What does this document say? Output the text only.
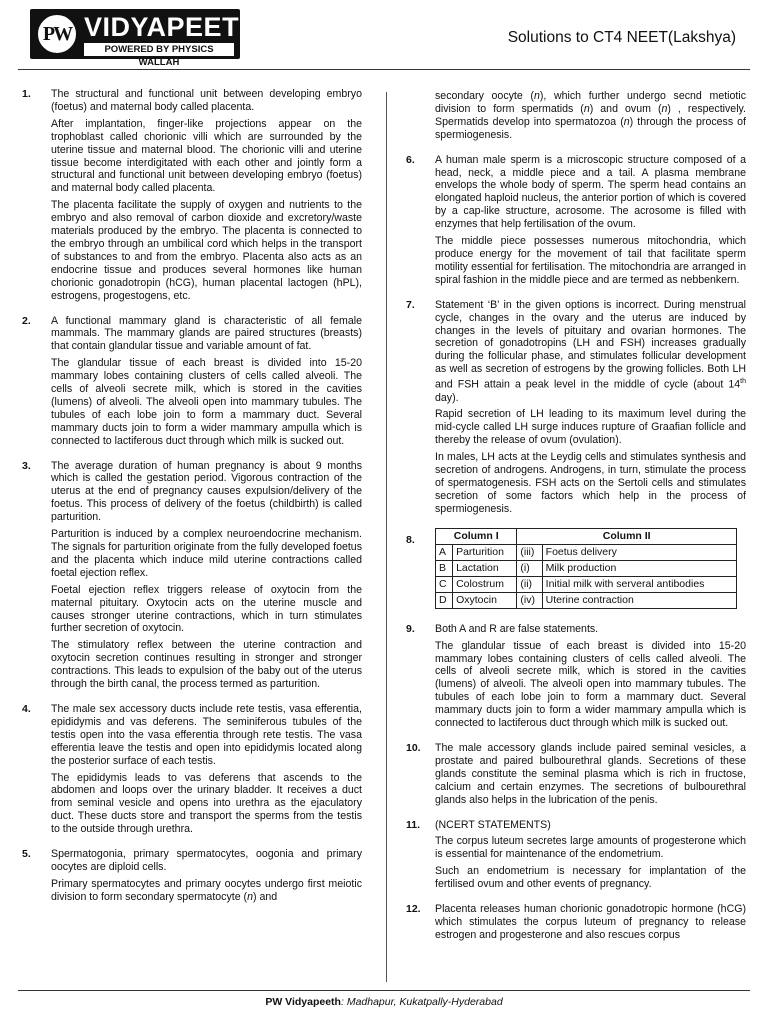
PW VIDYAPEETH
POWERED BY PHYSICS WALLAH
Solutions to CT4 NEET(Lakshya)
1. The structural and functional unit between developing embryo (foetus) and maternal body called placenta.

After implantation, finger-like projections appear on the trophoblast called chorionic villi which are surrounded by the uterine tissue and maternal blood. The chorionic villi and uterine tissue become interdigitated with each other and jointly form a structural and functional unit between developing embryo (foetus) and maternal body called placenta.

The placenta facilitate the supply of oxygen and nutrients to the embryo and also removal of carbon dioxide and excretory/waste materials produced by the embryo. The placenta is connected to the embryo through an umbilical cord which helps in the transport of substances to and from the embryo. Placenta also acts as an endocrine tissue and produces several hormones like human chorionic gonadotropin (hCG), human placental lactogen (hPL), estrogens, progestogens, etc.

2. A functional mammary gland is characteristic of all female mammals. The mammary glands are paired structures (breasts) that contain glandular tissue and variable amount of fat.

The glandular tissue of each breast is divided into 15-20 mammary lobes containing clusters of cells called alveoli. The cells of alveoli secrete milk, which is stored in the cavities (lumens) of alveoli. The alveoli open into mammary tubules. The tubules of each lobe join to form a mammary duct. Several mammary ducts join to form a wider mammary ampulla which is connected to lactiferous duct through which milk is sucked out.

3. The average duration of human pregnancy is about 9 months which is called the gestation period. Vigorous contraction of the uterus at the end of pregnancy causes expulsion/delivery of the foetus. This process of delivery of the foetus (childbirth) is called parturition.

Parturition is induced by a complex neuroendocrine mechanism. The signals for parturition originate from the fully developed foetus and the placenta which induce mild uterine contractions called foetal ejection reflex.

Foetal ejection reflex triggers release of oxytocin from the maternal pituitary. Oxytocin acts on the uterine muscle and causes stronger uterine contractions, which in turn stimulates further secretion of oxytocin.

The stimulatory reflex between the uterine contraction and oxytocin secretion continues resulting in stronger and stronger contractions. This leads to expulsion of the baby out of the uterus through the birth canal, the process termed as parturition.

4. The male sex accessory ducts include rete testis, vasa efferentia, epididymis and vas deferens. The seminiferous tubules of the testis open into the vasa efferentia through rete testis. The vasa efferentia leave the testis and open into epididymis located along the posterior surface of each testis.

The epididymis leads to vas deferens that ascends to the abdomen and loops over the urinary bladder. It receives a duct from seminal vesicle and opens into urethra as the ejaculatory duct. These ducts store and transport the sperms from the testis to the outside through urethra.

5. Spermatogonia, primary spermatocytes, oogonia and primary oocytes are diploid cells.

Primary spermatocytes and primary oocytes undergo first meiotic division to form secondary spermatocyte (n) and

secondary oocyte (n), which further undergo secnd metiotic division to form spermatids (n) and ovum (n) , respectively. Spermatids develop into spermatozoa (n) through the process of spermiogenesis.

6. A human male sperm is a microscopic structure composed of a head, neck, a middle piece and a tail. A plasma membrane envelops the whole body of sperm. The sperm head contains an elongated haploid nucleus, the anterior portion of which is covered by a cap-like structure, acrosome. The acrosome is filled with enzymes that help fertilisation of the ovum.

The middle piece possesses numerous mitochondria, which produce energy for the movement of tail that facilitate sperm motility essential for fertilisation. The mitochondria are arranged in spiral fashion in the middle piece and are termed as nebbenkern.

7. Statement ‘B’ in the given options is incorrect. During menstrual cycle, changes in the ovary and the uterus are induced by changes in the levels of pituitary and ovarian hormones. The secretion of gonadotropins (LH and FSH) increases gradually during the follicular phase, and stimulates follicular development as well as secretion of estrogens by the growing follicles. Both LH and FSH attain a peak level in the middle of cycle (about 14th day).

Rapid secretion of LH leading to its maximum level during the mid-cycle called LH surge induces rupture of Graafian follicle and thereby the release of ovum (ovulation).

In males, LH acts at the Leydig cells and stimulates synthesis and secretion of androgens. Androgens, in turn, stimulate the process of spermatogenesis. FSH acts on the Sertoli cells and stimulates secretion of some factors which help in the process of spermiogenesis.

8.	Column I		Column II	
A	Parturition	(iii)	Foetus delivery
B	Lactation	(i)	Milk production
C	Colostrum	(ii)	Initial milk with serveral antibodies
D	Oxytocin	(iv)	Uterine contraction
9. Both A and R are false statements.

The glandular tissue of each breast is divided into 15-20 mammary lobes containing clusters of cells called alveoli. The cells of alveoli secrete milk, which is stored in the cavities (lumens) of alveoli. The alveoli open into mammary tubules. The tubules of each lobe join to form a mammary duct. Several mammary ducts join to form a wider mammary ampulla which is connected to lactiferous duct through which milk is sucked out.

10. The male accessory glands include paired seminal vesicles, a prostate and paired bulbourethral glands. Secretions of these glands constitute the seminal plasma which is rich in fructose, calcium and certain enzymes. The secretions of bulbourethral glands also helps in the lubrication of the penis.

11. (NCERT STATEMENTS)

The corpus luteum secretes large amounts of progesterone which is essential for maintenance of the endometrium.

Such an endometrium is necessary for implantation of the fertilised ovum and other events of pregnancy.

12. Placenta releases human chorionic gonadotropic hormone (hCG) which stimulates the corpus luteum of pregnancy to release estrogen and progesterone and also rescues corpus

PW Vidyapeeth: Madhapur, Kukatpally-Hyderabad
